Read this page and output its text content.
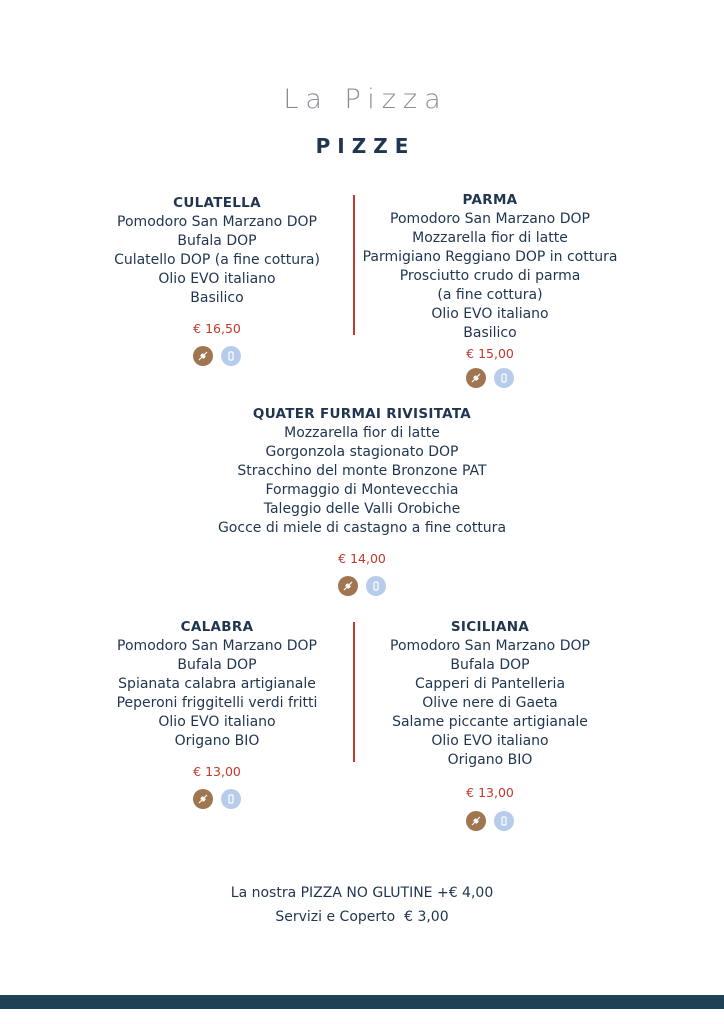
La Pizza
PIZZE
CULATELLA

Pomodoro San Marzano DOP

Bufala DOP

Culatello DOP (a fine cottura)

Olio EVO italiano

Basilico

€ 16,50
PARMA

Pomodoro San Marzano DOP

Mozzarella fior di latte

Parmigiano Reggiano DOP in cottura

Prosciutto crudo di parma

(a fine cottura)

Olio EVO italiano

Basilico

€ 15,00
QUATER FURMAI RIVISITATA

Mozzarella fior di latte

Gorgonzola stagionato DOP

Stracchino del monte Bronzone PAT

Formaggio di Montevecchia

Taleggio delle Valli Orobiche

Gocce di miele di castagno a fine cottura

€ 14,00
CALABRA

Pomodoro San Marzano DOP

Bufala DOP

Spianata calabra artigianale

Peperoni friggitelli verdi fritti

Olio EVO italiano

Origano BIO

€ 13,00
SICILIANA

Pomodoro San Marzano DOP

Bufala DOP

Capperi di Pantelleria

Olive nere di Gaeta

Salame piccante artigianale

Olio EVO italiano

Origano BIO

€ 13,00
La nostra PIZZA NO GLUTINE +€ 4,00
Servizi e Coperto  € 3,00
